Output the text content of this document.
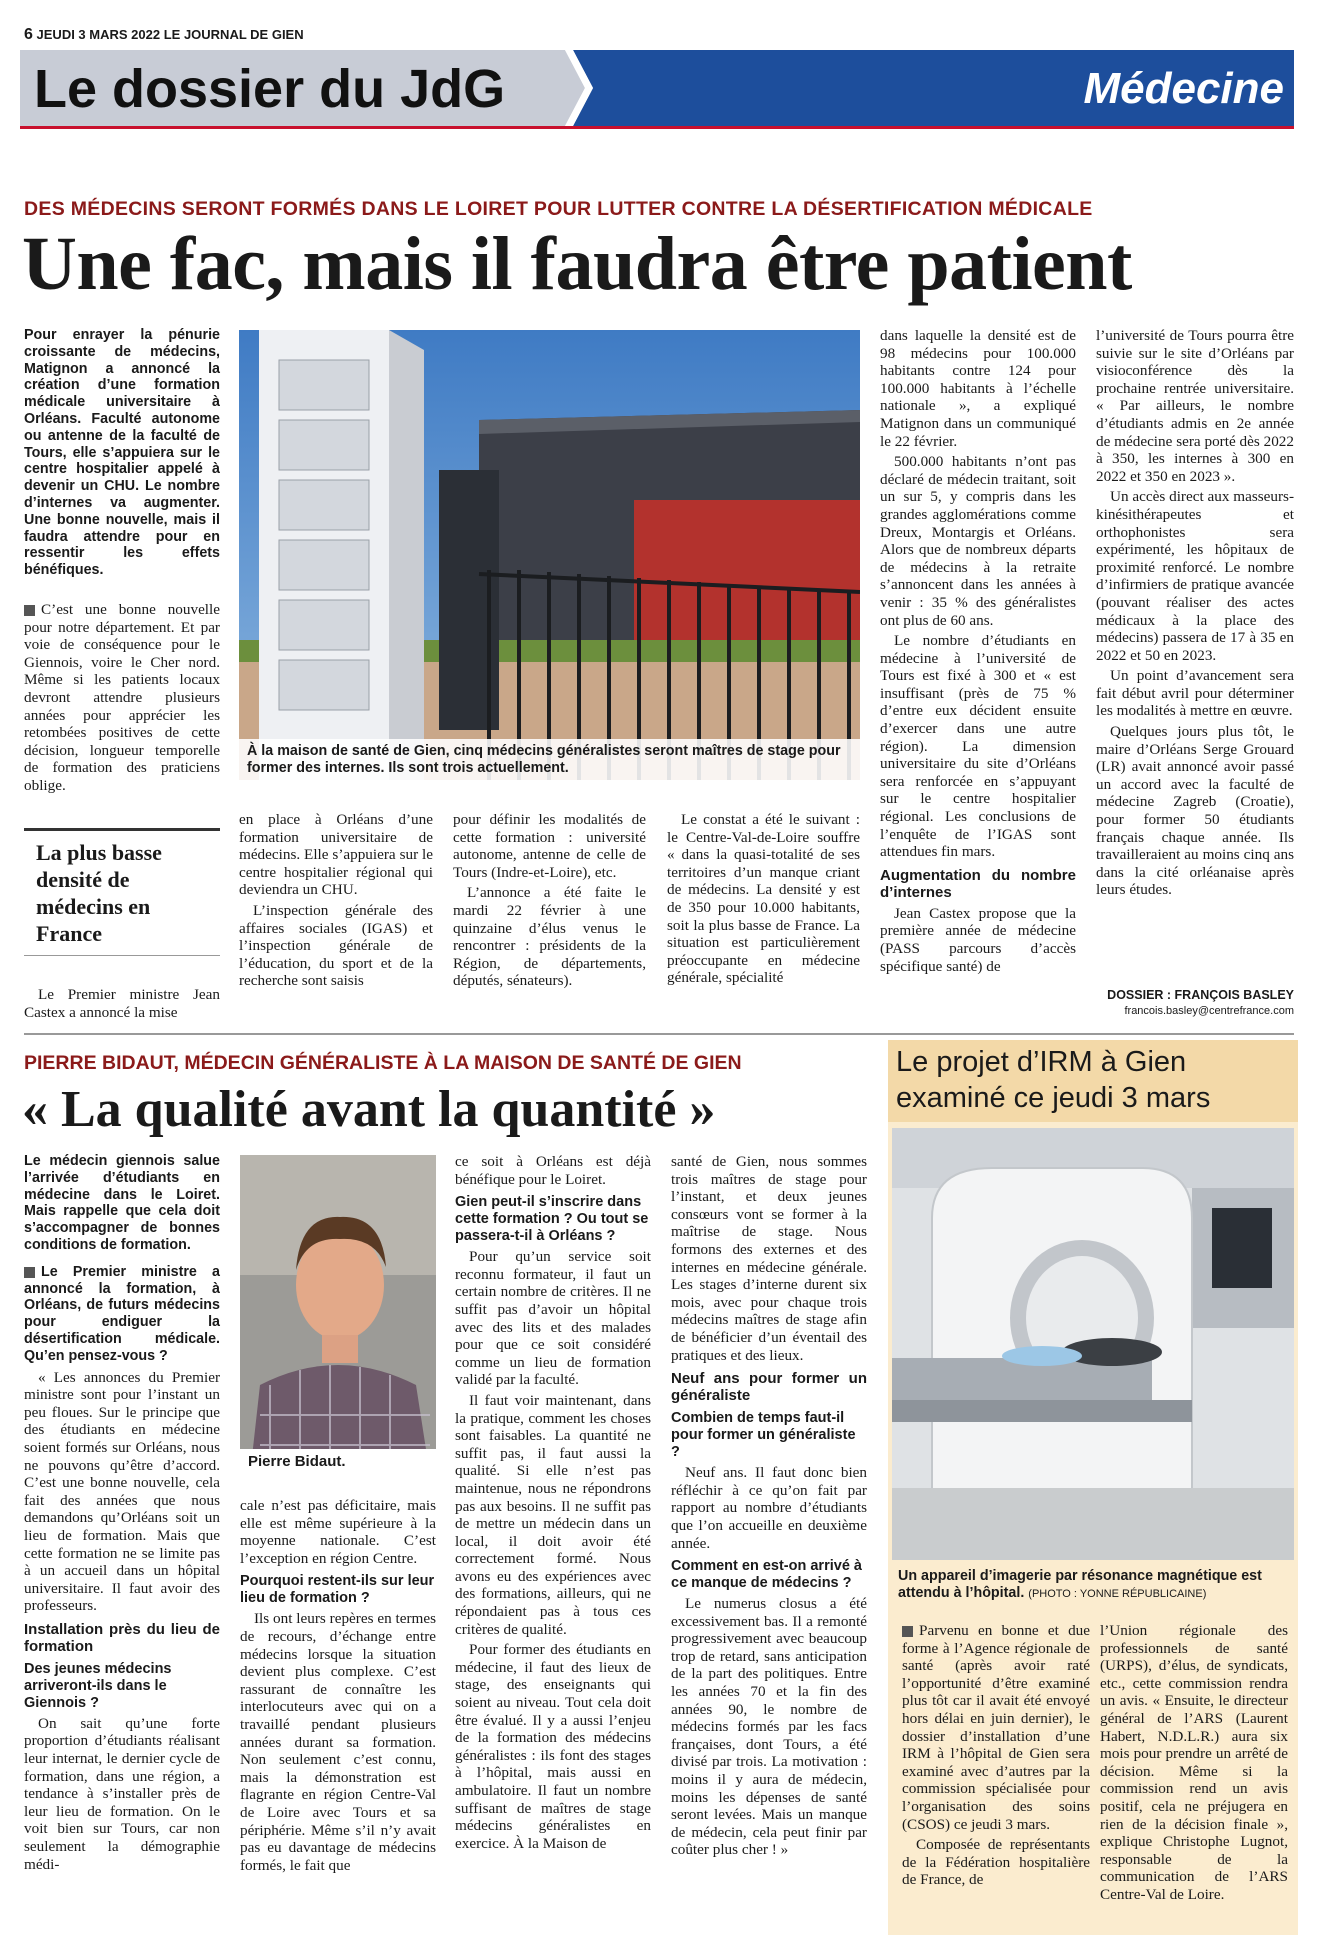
6 JEUDI 3 MARS 2022 LE JOURNAL DE GIEN
Le dossier du JdG	Médecine
DES MÉDECINS SERONT FORMÉS DANS LE LOIRET POUR LUTTER CONTRE LA DÉSERTIFICATION MÉDICALE
Une fac, mais il faudra être patient
Pour enrayer la pénurie croissante de médecins, Matignon a annoncé la création d’une formation médicale universitaire à Orléans. Faculté autonome ou antenne de la faculté de Tours, elle s’appuiera sur le centre hospitalier appelé à devenir un CHU. Le nombre d’internes va augmenter. Une bonne nouvelle, mais il faudra attendre pour en ressentir les effets bénéfiques.

C’est une bonne nouvelle pour notre département. Et par voie de conséquence pour le Giennois, voire le Cher nord. Même si les patients locaux devront attendre plusieurs années pour apprécier les retombées positives de cette décision, longueur temporelle de formation des praticiens oblige.

La plus basse densité de médecins en France

Le Premier ministre Jean Castex a annoncé la mise

À la maison de santé de Gien, cinq médecins généralistes seront maîtres de stage pour former des internes. Ils sont trois actuellement.

en place à Orléans d’une formation universitaire de médecins. Elle s’appuiera sur le centre hospitalier régional qui deviendra un CHU.

L’inspection générale des affaires sociales (IGAS) et l’inspection générale de l’éducation, du sport et de la recherche sont saisis

pour définir les modalités de cette formation : université autonome, antenne de celle de Tours (Indre-et-Loire), etc.

L’annonce a été faite le mardi 22 février à une quinzaine d’élus venus le rencontrer : présidents de la Région, de départements, députés, sénateurs).

Le constat a été le suivant : le Centre-Val-de-Loire souffre « dans la quasi-totalité de ses territoires d’un manque criant de médecins. La densité y est de 350 pour 10.000 habitants, soit la plus basse de France. La situation est particulièrement préoccupante en médecine générale, spécialité

dans laquelle la densité est de 98 médecins pour 100.000 habitants contre 124 pour 100.000 habitants à l’échelle nationale », a expliqué Matignon dans un communiqué le 22 février.

500.000 habitants n’ont pas déclaré de médecin traitant, soit un sur 5, y compris dans les grandes agglomérations comme Dreux, Montargis et Orléans. Alors que de nombreux départs de médecins à la retraite s’annoncent dans les années à venir : 35 % des généralistes ont plus de 60 ans.

Le nombre d’étudiants en médecine à l’université de Tours est fixé à 300 et « est insuffisant (près de 75 % d’entre eux décident ensuite d’exercer dans une autre région). La dimension universitaire du site d’Orléans sera renforcée en s’appuyant sur le centre hospitalier régional. Les conclusions de l’enquête de l’IGAS sont attendues fin mars.

Augmentation du nombre d’internes

Jean Castex propose que la première année de médecine (PASS parcours d’accès spécifique santé) de

l’université de Tours pourra être suivie sur le site d’Orléans par visioconférence dès la prochaine rentrée universitaire. « Par ailleurs, le nombre d’étudiants admis en 2e année de médecine sera porté dès 2022 à 350, les internes à 300 en 2022 et 350 en 2023 ».

Un accès direct aux masseurs-kinésithérapeutes et orthophonistes sera expérimenté, les hôpitaux de proximité renforcé. Le nombre d’infirmiers de pratique avancée (pouvant réaliser des actes médicaux à la place des médecins) passera de 17 à 35 en 2022 et 50 en 2023.

Un point d’avancement sera fait début avril pour déterminer les modalités à mettre en œuvre.

Quelques jours plus tôt, le maire d’Orléans Serge Grouard (LR) avait annoncé avoir passé un accord avec la faculté de médecine Zagreb (Croatie), pour former 50 étudiants français chaque année. Ils travailleraient au moins cinq ans dans la cité orléanaise après leurs études.

DOSSIER : FRANÇOIS BASLEY
francois.basley@centrefrance.com
PIERRE BIDAUT, MÉDECIN GÉNÉRALISTE À LA MAISON DE SANTÉ DE GIEN
« La qualité avant la quantité »
Le médecin giennois salue l’arrivée d’étudiants en médecine dans le Loiret. Mais rappelle que cela doit s’accompagner de bonnes conditions de formation.
Le Premier ministre a annoncé la formation, à Orléans, de futurs médecins pour endiguer la désertification médicale. Qu’en pensez-vous ?

« Les annonces du Premier ministre sont pour l’instant un peu floues. Sur le principe que des étudiants en médecine soient formés sur Orléans, nous ne pouvons qu’être d’accord. C’est une bonne nouvelle, cela fait des années que nous demandons qu’Orléans soit un lieu de formation. Mais que cette formation ne se limite pas à un accueil dans un hôpital universitaire. Il faut avoir des professeurs.

Installation près du lieu de formation
Des jeunes médecins arriveront-ils dans le Giennois ?

On sait qu’une forte proportion d’étudiants réalisant leur internat, le dernier cycle de formation, dans une région, a tendance à s’installer près de leur lieu de formation. On le voit bien sur Tours, car non seulement la démographie médi-

Pierre Bidaut.

cale n’est pas déficitaire, mais elle est même supérieure à la moyenne nationale. C’est l’exception en région Centre.

Pourquoi restent-ils sur leur lieu de formation ?

Ils ont leurs repères en termes de recours, d’échange entre médecins lorsque la situation devient plus complexe. C’est rassurant de connaître les interlocuteurs avec qui on a travaillé pendant plusieurs années durant sa formation. Non seulement c’est connu, mais la démonstration est flagrante en région Centre-Val de Loire avec Tours et sa périphérie. Même s’il n’y avait pas eu davantage de médecins formés, le fait que

ce soit à Orléans est déjà bénéfique pour le Loiret.

Gien peut-il s’inscrire dans cette formation ? Ou tout se passera-t-il à Orléans ?

Pour qu’un service soit reconnu formateur, il faut un certain nombre de critères. Il ne suffit pas d’avoir un hôpital avec des lits et des malades pour que ce soit considéré comme un lieu de formation validé par la faculté.

Il faut voir maintenant, dans la pratique, comment les choses sont faisables. La quantité ne suffit pas, il faut aussi la qualité. Si elle n’est pas maintenue, nous ne répondrons pas aux besoins. Il ne suffit pas de mettre un médecin dans un local, il doit avoir été correctement formé. Nous avons eu des expériences avec des formations, ailleurs, qui ne répondaient pas à tous ces critères de qualité.

Pour former des étudiants en médecine, il faut des lieux de stage, des enseignants qui soient au niveau. Tout cela doit être évalué. Il y a aussi l’enjeu de la formation des médecins généralistes : ils font des stages à l’hôpital, mais aussi en ambulatoire. Il faut un nombre suffisant de maîtres de stage médecins généralistes en exercice. À la Maison de

santé de Gien, nous sommes trois maîtres de stage pour l’instant, et deux jeunes consœurs vont se former à la maîtrise de stage. Nous formons des externes et des internes en médecine générale. Les stages d’interne durent six mois, avec pour chaque trois médecins maîtres de stage afin de bénéficier d’un éventail des pratiques et des lieux.

Neuf ans pour former un généraliste
Combien de temps faut-il pour former un généraliste ?

Neuf ans. Il faut donc bien réfléchir à ce qu’on fait par rapport au nombre d’étudiants que l’on accueille en deuxième année.

Comment en est-on arrivé à ce manque de médecins ?

Le numerus closus a été excessivement bas. Il a remonté progressivement avec beaucoup trop de retard, sans anticipation de la part des politiques. Entre les années 70 et la fin des années 90, le nombre de médecins formés par les facs françaises, dont Tours, a été divisé par trois. La motivation : moins il y aura de médecin, moins les dépenses de santé seront levées. Mais un manque de médecin, cela peut finir par coûter plus cher ! »

Le projet d’IRM à Gien examiné ce jeudi 3 mars
Un appareil d’imagerie par résonance magnétique est attendu à l’hôpital. (PHOTO : YONNE RÉPUBLICAINE)

Parvenu en bonne et due forme à l’Agence régionale de santé (après avoir raté l’opportunité d’être examiné plus tôt car il avait été envoyé hors délai en juin dernier), le dossier d’installation d’une IRM à l’hôpital de Gien sera examiné avec d’autres par la commission spécialisée pour l’organisation des soins (CSOS) ce jeudi 3 mars.

Composée de représentants de la Fédération hospitalière de France, de

l’Union régionale des professionnels de santé (URPS), d’élus, de syndicats, etc., cette commission rendra un avis. « Ensuite, le directeur général de l’ARS (Laurent Habert, N.D.L.R.) aura six mois pour prendre un arrêté de décision. Même si la commission rend un avis positif, cela ne préjugera en rien de la décision finale », explique Christophe Lugnot, responsable de la communication de l’ARS Centre-Val de Loire.
